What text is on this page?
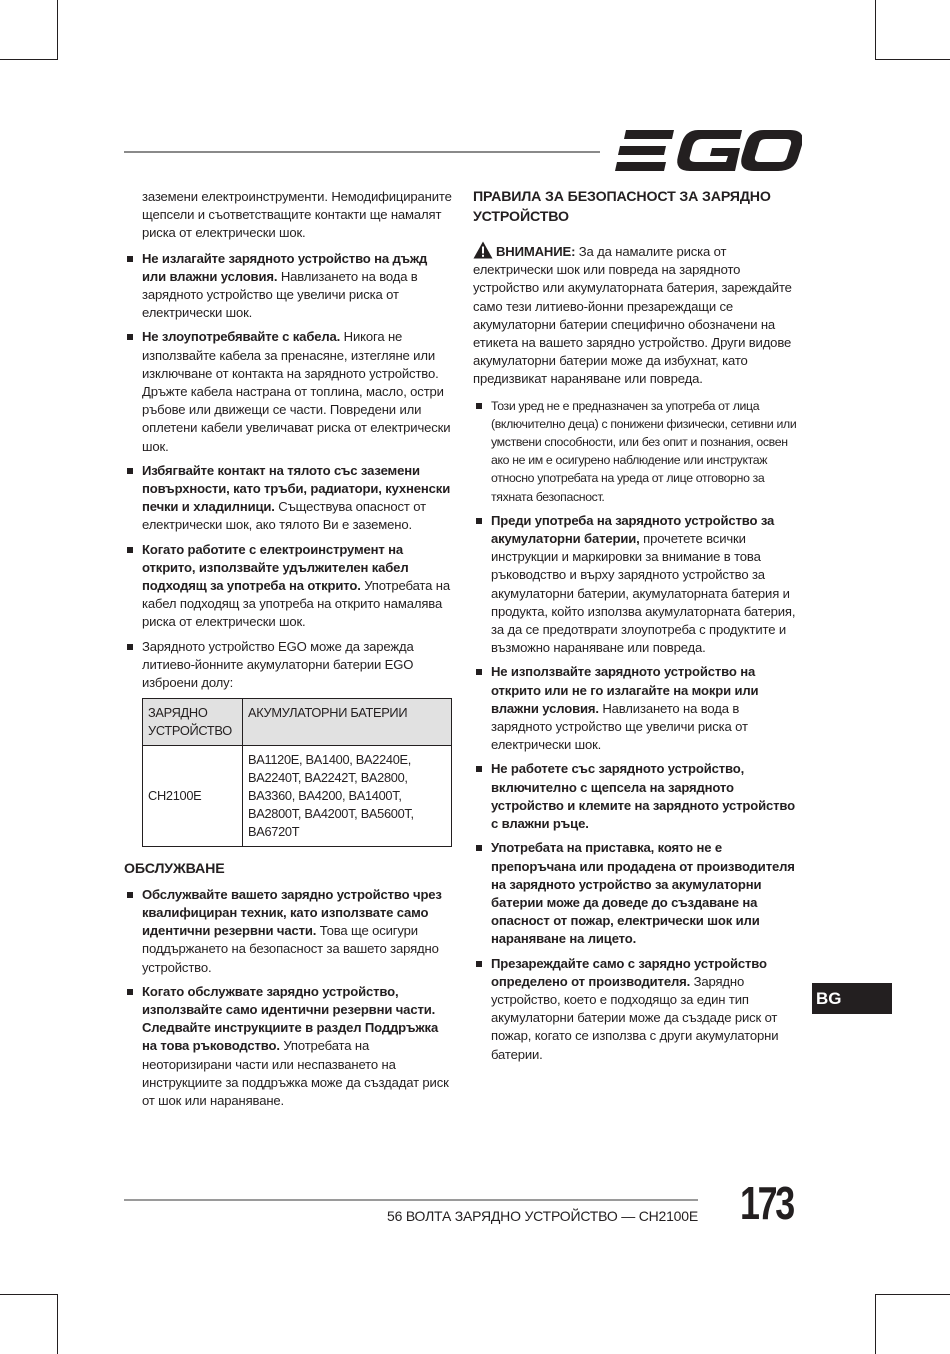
заземени електроинструменти. Немодифицираните щепсели и съответстващите контакти ще намалят риска от електрически шок.

Не излагайте зарядното устройство на дъжд или влажни условия. Навлизането на вода в зарядното устройство ще увеличи риска от електрически шок.
Не злоупотребявайте с кабела. Никога не използвайте кабела за пренасяне, изтегляне или изключване от контакта на зарядното устройство. Дръжте кабела настрана от топлина, масло, остри ръбове или движещи се части. Повредени или оплетени кабели увеличават риска от електрически шок.
Избягвайте контакт на тялото със заземени повърхности, като тръби, радиатори, кухненски печки и хладилници. Съществува опасност от електрически шок, ако тялото Ви е заземено.
Когато работите с електроинструмент на открито, използвайте удължителен кабел подходящ за употреба на открито. Употребата на кабел подходящ за употреба на открито намалява риска от електрически шок.
Зарядното устройство EGO може да зарежда литиево-йонните акумулаторни батерии EGO изброени долу:
ЗАРЯДНО УСТРОЙСТВО	АКУМУЛАТОРНИ БАТЕРИИ
CH2100E	BA1120E, BA1400, BA2240E, BA2240T, BA2242T, BA2800, BA3360, BA4200, BA1400T, BA2800T, BA4200T, BA5600T, BA6720T
ОБСЛУЖВАНЕ
Обслужвайте вашето зарядно устройство чрез квалифициран техник, като използвате само идентични резервни части. Това ще осигури поддържането на безопасност за вашето зарядно устройство.
Когато обслужвате зарядно устройство, използвайте само идентични резервни части. Следвайте инструкциите в раздел Поддръжка на това ръководство. Употребата на неоторизирани части или неспазването на инструкциите за поддръжка може да създадат риск от шок или нараняване.
ПРАВИЛА ЗА БЕЗОПАСНОСТ ЗА ЗАРЯДНО УСТРОЙСТВО

ВНИМАНИЕ: За да намалите риска от електрически шок или повреда на зарядното устройство или акумулаторната батерия, зареждайте само тези литиево-йонни презареждащи се акумулаторни батерии специфично обозначени на етикета на вашето зарядно устройство. Други видове акумулаторни батерии може да избухнат, като предизвикат нараняване или повреда.

Този уред не е предназначен за употреба от лица (включително деца) с понижени физически, сетивни или умствени способности, или без опит и познания, освен ако не им е осигурено наблюдение или инструктаж относно употребата на уреда от лице отговорно за тяхната безопасност.
Преди употреба на зарядното устройство за акумулаторни батерии, прочетете всички инструкции и маркировки за внимание в това ръководство и върху зарядното устройство за акумулаторни батерии, акумулаторната батерия и продукта, който използва акумулаторната батерия, за да се предотврати злоупотреба с продуктите и възможно нараняване или повреда.
Не използвайте зарядното устройство на открито или не го излагайте на мокри или влажни условия. Навлизането на вода в зарядното устройство ще увеличи риска от електрически шок.
Не работете със зарядното устройство, включително с щепсела на зарядното устройство и клемите на зарядното устройство с влажни ръце.
Употребата на приставка, която не е препоръчана или продадена от производителя на зарядното устройство за акумулаторни батерии може да доведе до създаване на опасност от пожар, електрически шок или нараняване на лицето.
Презареждайте само с зарядно устройство определено от производителя. Зарядно устройство, което е подходящо за един тип акумулаторни батерии може да създаде риск от пожар, когато се използва с други акумулаторни батерии.
BG
56 ВОЛТА ЗАРЯДНО УСТРОЙСТВО — CH2100E 173
